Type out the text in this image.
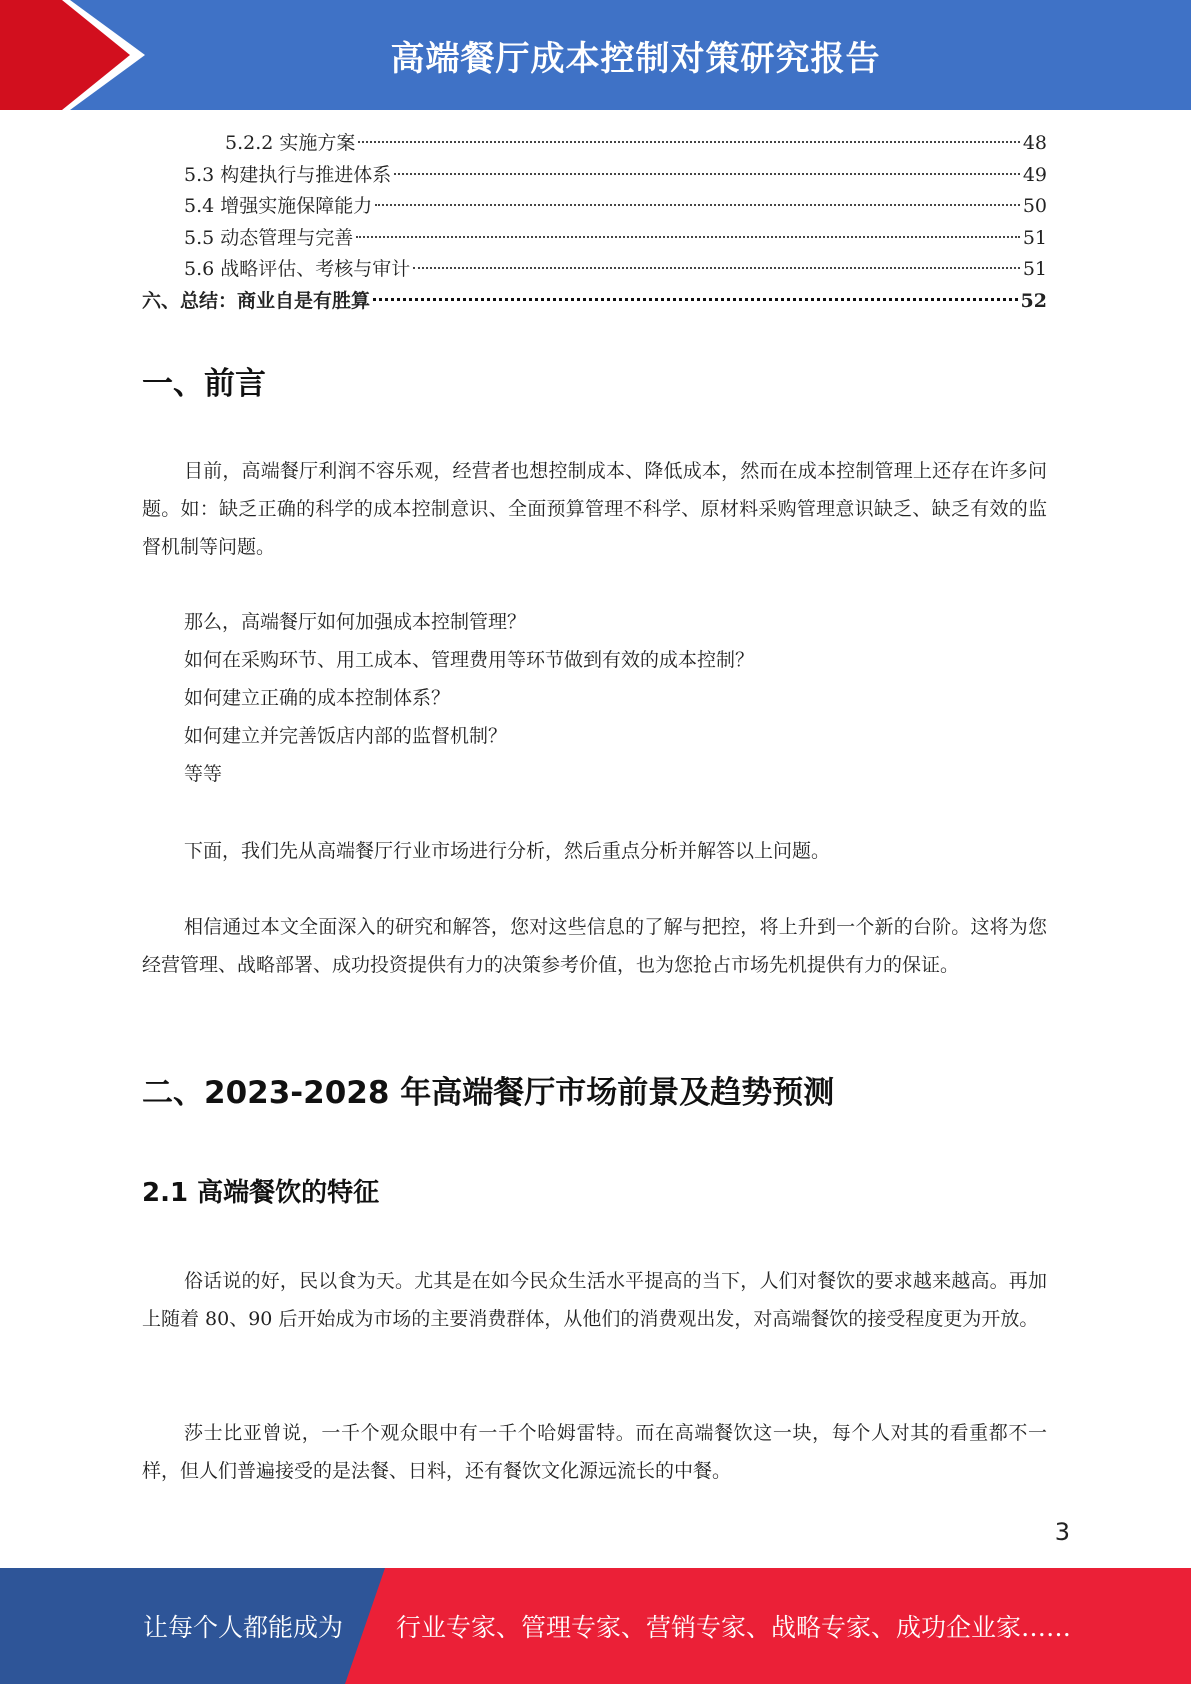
高端餐厅成本控制对策研究报告
5.2.2 实施方案	48
5.3 构建执行与推进体系	49
5.4 增强实施保障能力	50
5.5 动态管理与完善	51
5.6 战略评估、考核与审计	51
六、总结：商业自是有胜算	52
一、前言

目前，高端餐厅利润不容乐观，经营者也想控制成本、降低成本，然而在成本控制管理上还存在许多问题。如：缺乏正确的科学的成本控制意识、全面预算管理不科学、原材料采购管理意识缺乏、缺乏有效的监督机制等问题。

那么，高端餐厅如何加强成本控制管理？
如何在采购环节、用工成本、管理费用等环节做到有效的成本控制？
如何建立正确的成本控制体系？
如何建立并完善饭店内部的监督机制？
等等

下面，我们先从高端餐厅行业市场进行分析，然后重点分析并解答以上问题。

相信通过本文全面深入的研究和解答，您对这些信息的了解与把控，将上升到一个新的台阶。这将为您经营管理、战略部署、成功投资提供有力的决策参考价值，也为您抢占市场先机提供有力的保证。

二、2023-2028 年高端餐厅市场前景及趋势预测
2.1 高端餐饮的特征

俗话说的好，民以食为天。尤其是在如今民众生活水平提高的当下，人们对餐饮的要求越来越高。再加上随着 80、90 后开始成为市场的主要消费群体，从他们的消费观出发，对高端餐饮的接受程度更为开放。

莎士比亚曾说，一千个观众眼中有一千个哈姆雷特。而在高端餐饮这一块，每个人对其的看重都不一样，但人们普遍接受的是法餐、日料，还有餐饮文化源远流长的中餐。

3
让每个人都能成为 行业专家、管理专家、营销专家、战略专家、成功企业家……
